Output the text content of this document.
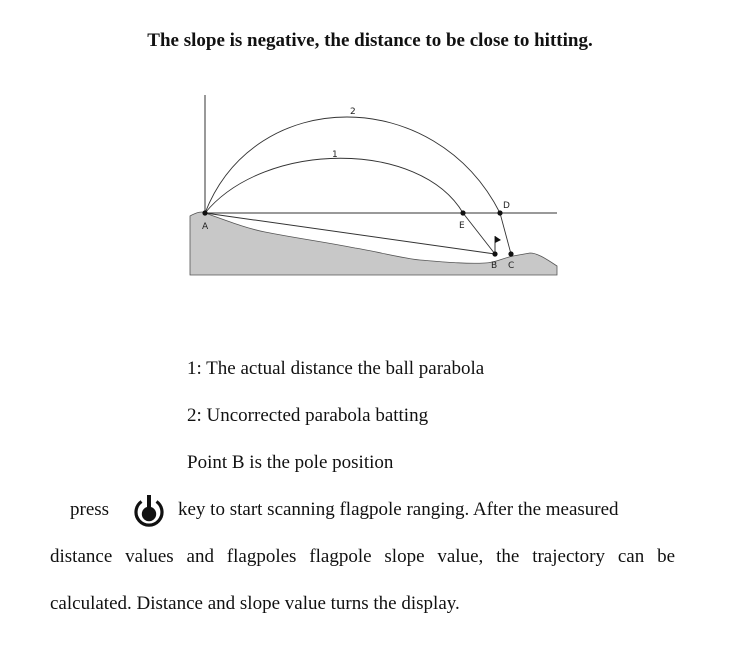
The slope is negative, the distance to be close to hitting.
2
1
A	E
D
B C
1: The actual distance the ball parabola
2: Uncorrected parabola batting
Point B is the pole position
press	key to start scanning flagpole ranging. After the measured
distance values and flagpoles flagpole slope value, the trajectory can be
calculated. Distance and slope value turns the display.
